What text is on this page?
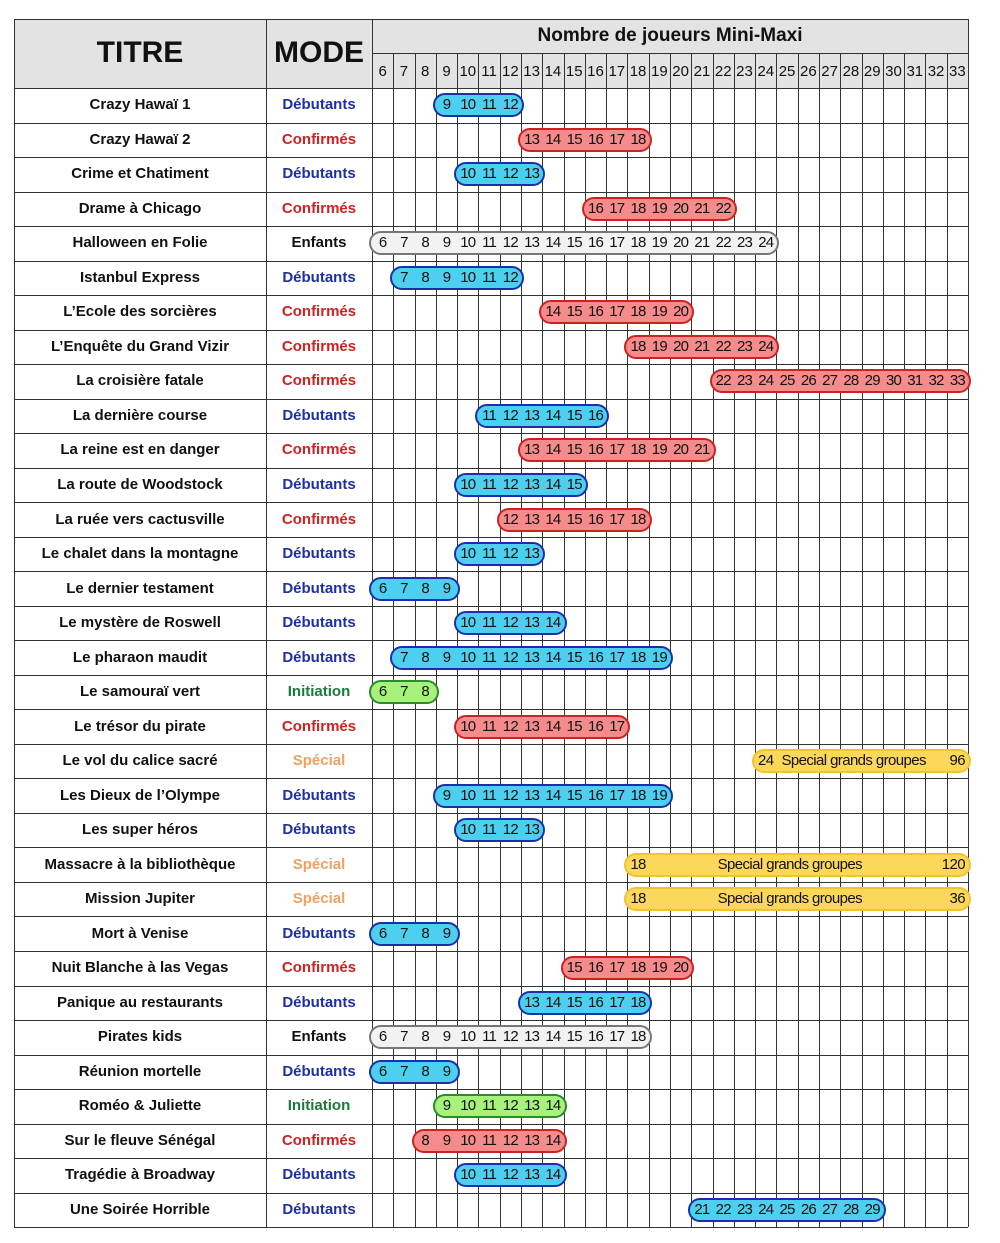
TITRE	MODE
Nombre de joueurs Mini-Maxi
6 7 8 9 10 11 12 13 14 15 16 17 18 19 20 21 22 23 24 25 26 27 28 29 30 31 32 33
Crazy Hawaï 1	Débutants	9 10 11 12
Crazy Hawaï 2	Confirmés	13 14 15 16 17 18
Crime et Chatiment	Débutants	10 11 12 13
Drame à Chicago	Confirmés	16 17 18 19 20 21 22
Halloween en Folie	Enfants	6 7 8 9 10 11 12 13 14 15 16 17 18 19 20 21 22 23 24
Istanbul Express	Débutants	7 8 9 10 11 12
L’Ecole des sorcières	Confirmés	14 15 16 17 18 19 20
L’Enquête du Grand Vizir	Confirmés	18 19 20 21 22 23 24
La croisière fatale	Confirmés	22 23 24 25 26 27 28 29 30 31 32 33
La dernière course	Débutants	11 12 13 14 15 16
La reine est en danger	Confirmés	13 14 15 16 17 18 19 20 21
La route de Woodstock	Débutants	10 11 12 13 14 15
La ruée vers cactusville	Confirmés	12 13 14 15 16 17 18
Le chalet dans la montagne	Débutants	10 11 12 13
Le dernier testament	Débutants	6 7 8 9
Le mystère de Roswell	Débutants	10 11 12 13 14
Le pharaon maudit	Débutants	7 8 9 10 11 12 13 14 15 16 17 18 19
Le samouraï vert	Initiation	6 7 8
Le trésor du pirate	Confirmés	10 11 12 13 14 15 16 17
Le vol du calice sacré	Spécial	24 Special grands groupes	96
Les Dieux de l’Olympe	Débutants	9 10 11 12 13 14 15 16 17 18 19
Les super héros	Débutants	10 11 12 13
Massacre à la bibliothèque	Spécial	18	Special grands groupes	120
Mission Jupiter	Spécial	18	Special grands groupes	36
Mort à Venise	Débutants	6 7 8 9
Nuit Blanche à las Vegas	Confirmés	15 16 17 18 19 20
Panique au restaurants	Débutants	13 14 15 16 17 18
Pirates kids	Enfants	6 7 8 9 10 11 12 13 14 15 16 17 18
Réunion mortelle	Débutants	6 7 8 9
Roméo & Juliette	Initiation	9 10 11 12 13 14
Sur le fleuve Sénégal	Confirmés	8 9 10 11 12 13 14
Tragédie à Broadway	Débutants	10 11 12 13 14
Une Soirée Horrible	Débutants	21 22 23 24 25 26 27 28 29
